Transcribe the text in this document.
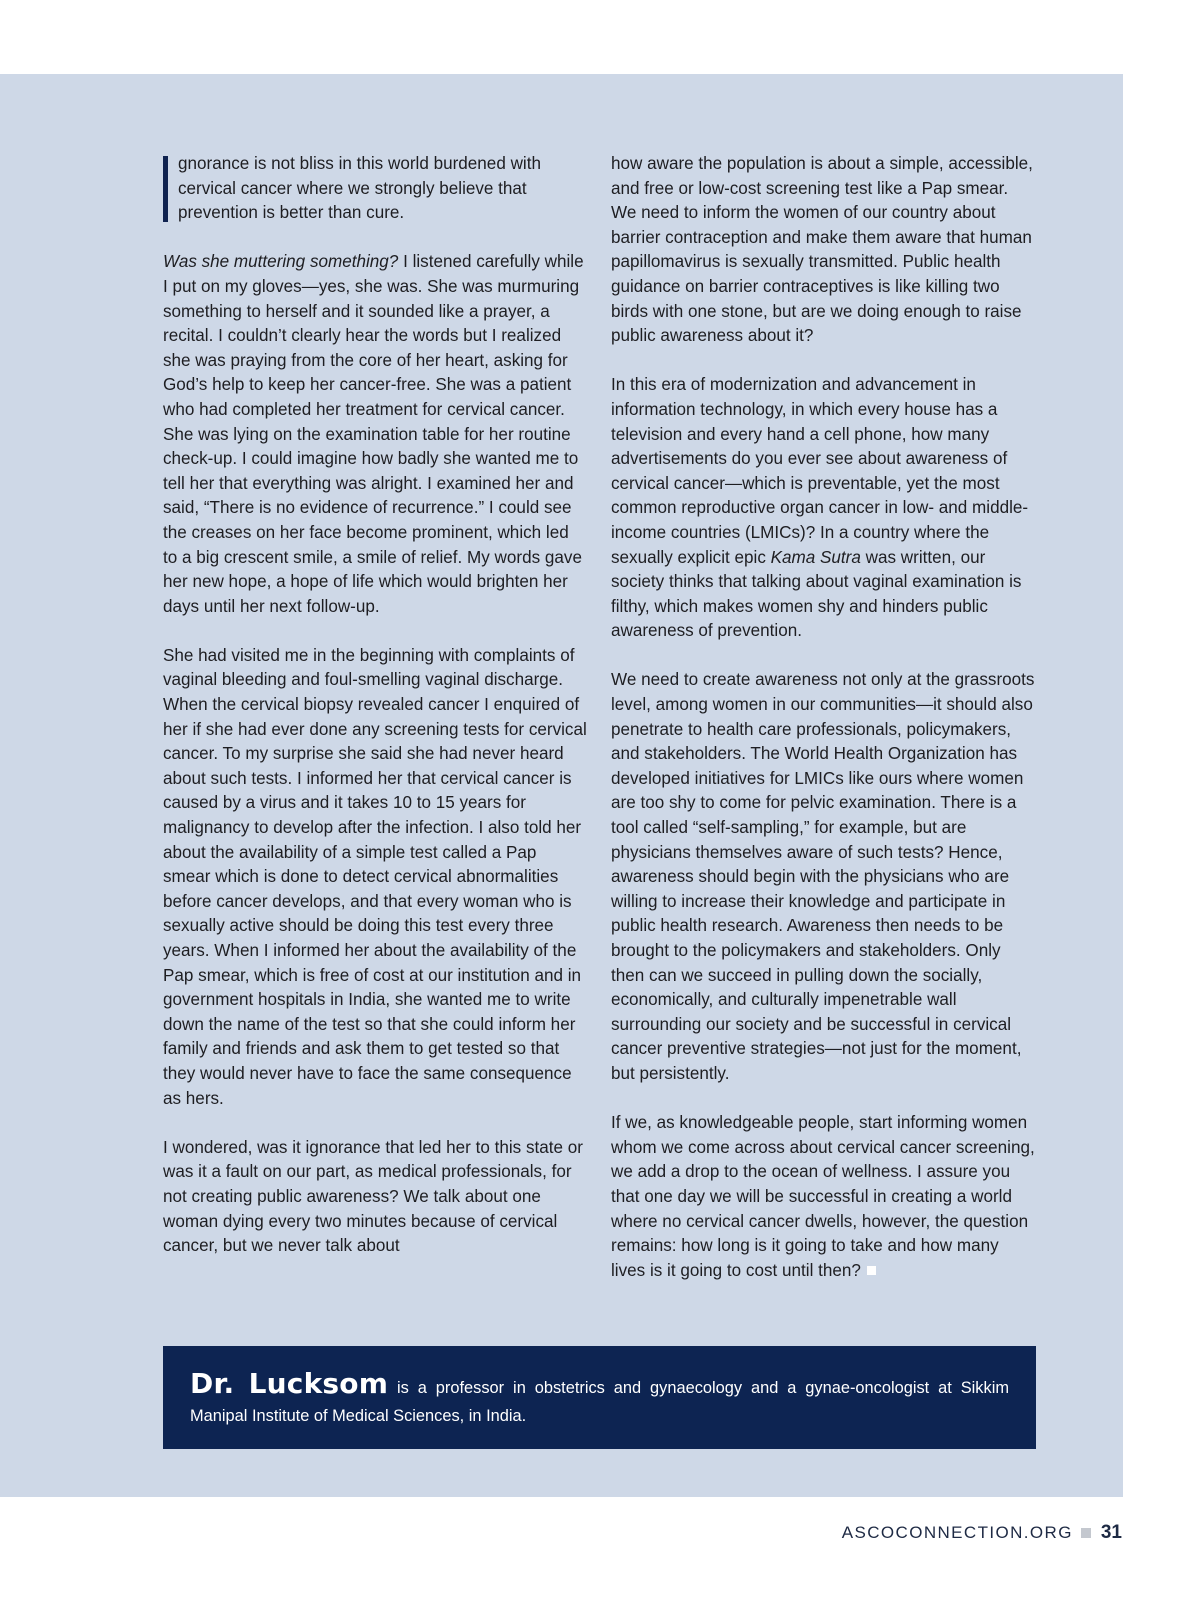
gnorance is not bliss in this world burdened with cervical cancer where we strongly believe that prevention is better than cure.

Was she muttering something? I listened carefully while I put on my gloves—yes, she was. She was murmuring something to herself and it sounded like a prayer, a recital. I couldn’t clearly hear the words but I realized she was praying from the core of her heart, asking for God’s help to keep her cancer-free. She was a patient who had completed her treatment for cervical cancer. She was lying on the examination table for her routine check-up. I could imagine how badly she wanted me to tell her that everything was alright. I examined her and said, “There is no evidence of recurrence.” I could see the creases on her face become prominent, which led to a big crescent smile, a smile of relief. My words gave her new hope, a hope of life which would brighten her days until her next follow-up.

She had visited me in the beginning with complaints of vaginal bleeding and foul-smelling vaginal discharge. When the cervical biopsy revealed cancer I enquired of her if she had ever done any screening tests for cervical cancer. To my surprise she said she had never heard about such tests. I informed her that cervical cancer is caused by a virus and it takes 10 to 15 years for malignancy to develop after the infection. I also told her about the availability of a simple test called a Pap smear which is done to detect cervical abnormalities before cancer develops, and that every woman who is sexually active should be doing this test every three years. When I informed her about the availability of the Pap smear, which is free of cost at our institution and in government hospitals in India, she wanted me to write down the name of the test so that she could inform her family and friends and ask them to get tested so that they would never have to face the same consequence as hers.

I wondered, was it ignorance that led her to this state or was it a fault on our part, as medical professionals, for not creating public awareness? We talk about one woman dying every two minutes because of cervical cancer, but we never talk about

how aware the population is about a simple, accessible, and free or low-cost screening test like a Pap smear. We need to inform the women of our country about barrier contraception and make them aware that human papillomavirus is sexually transmitted. Public health guidance on barrier contraceptives is like killing two birds with one stone, but are we doing enough to raise public awareness about it?

In this era of modernization and advancement in information technology, in which every house has a television and every hand a cell phone, how many advertisements do you ever see about awareness of cervical cancer—which is preventable, yet the most common reproductive organ cancer in low- and middle-income countries (LMICs)? In a country where the sexually explicit epic Kama Sutra was written, our society thinks that talking about vaginal examination is filthy, which makes women shy and hinders public awareness of prevention.

We need to create awareness not only at the grassroots level, among women in our communities—it should also penetrate to health care professionals, policymakers, and stakeholders. The World Health Organization has developed initiatives for LMICs like ours where women are too shy to come for pelvic examination. There is a tool called “self-sampling,” for example, but are physicians themselves aware of such tests? Hence, awareness should begin with the physicians who are willing to increase their knowledge and participate in public health research. Awareness then needs to be brought to the policymakers and stakeholders. Only then can we succeed in pulling down the socially, economically, and culturally impenetrable wall surrounding our society and be successful in cervical cancer preventive strategies—not just for the moment, but persistently.

If we, as knowledgeable people, start informing women whom we come across about cervical cancer screening, we add a drop to the ocean of wellness. I assure you that one day we will be successful in creating a world where no cervical cancer dwells, however, the question remains: how long is it going to take and how many lives is it going to cost until then?

Dr. Lucksom is a professor in obstetrics and gynaecology and a gynae-oncologist at Sikkim Manipal Institute of Medical Sciences, in India.
ASCOCONNECTION.ORG 31
